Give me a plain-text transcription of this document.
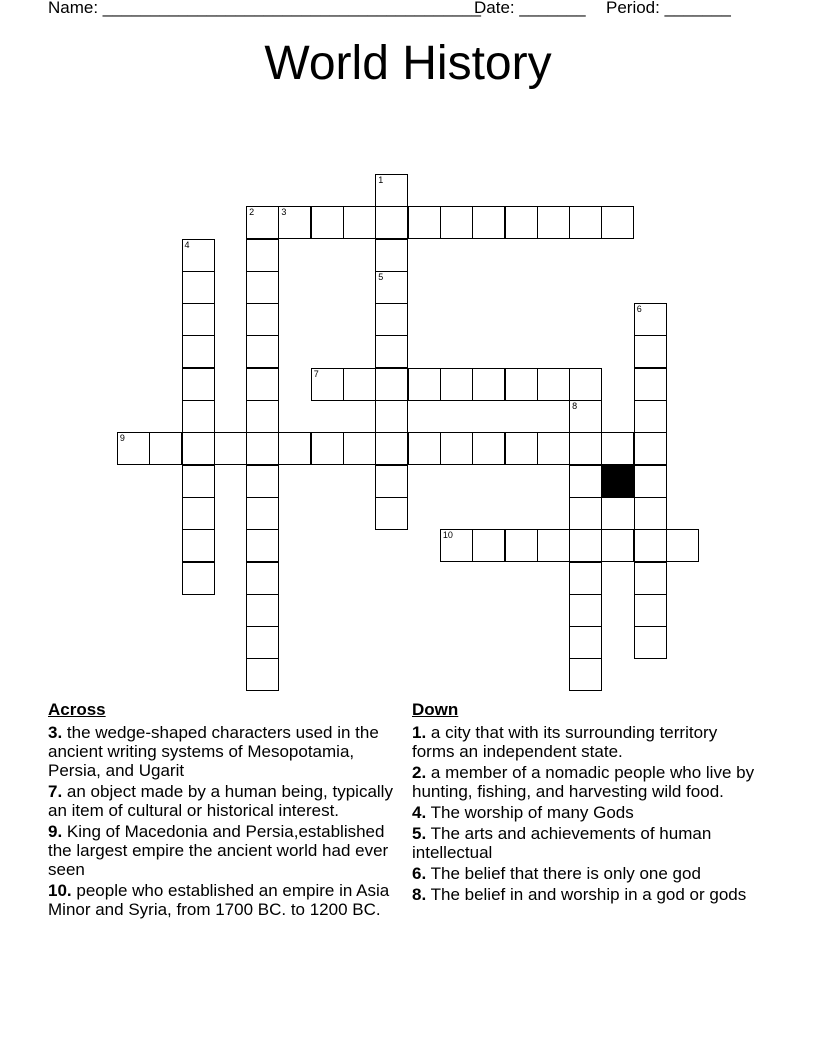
Name: ________________________________________
Date: _______ Period: _______
World History
1
5
2	3
4
6
7
8
9
10
Across
3. the wedge-shaped characters used in the ancient writing systems of Mesopotamia, Persia, and Ugarit
7. an object made by a human being, typically an item of cultural or historical interest.
9. King of Macedonia and Persia,established the largest empire the ancient world had ever seen
10. people who established an empire in Asia Minor and Syria, from 1700 BC. to 1200 BC.
Down
1. a city that with its surrounding territory forms an independent state.
2. a member of a nomadic people who live by hunting, fishing, and harvesting wild food.
4. The worship of many Gods
5. The arts and achievements of human intellectual
6. The belief that there is only one god
8. The belief in and worship in a god or gods
